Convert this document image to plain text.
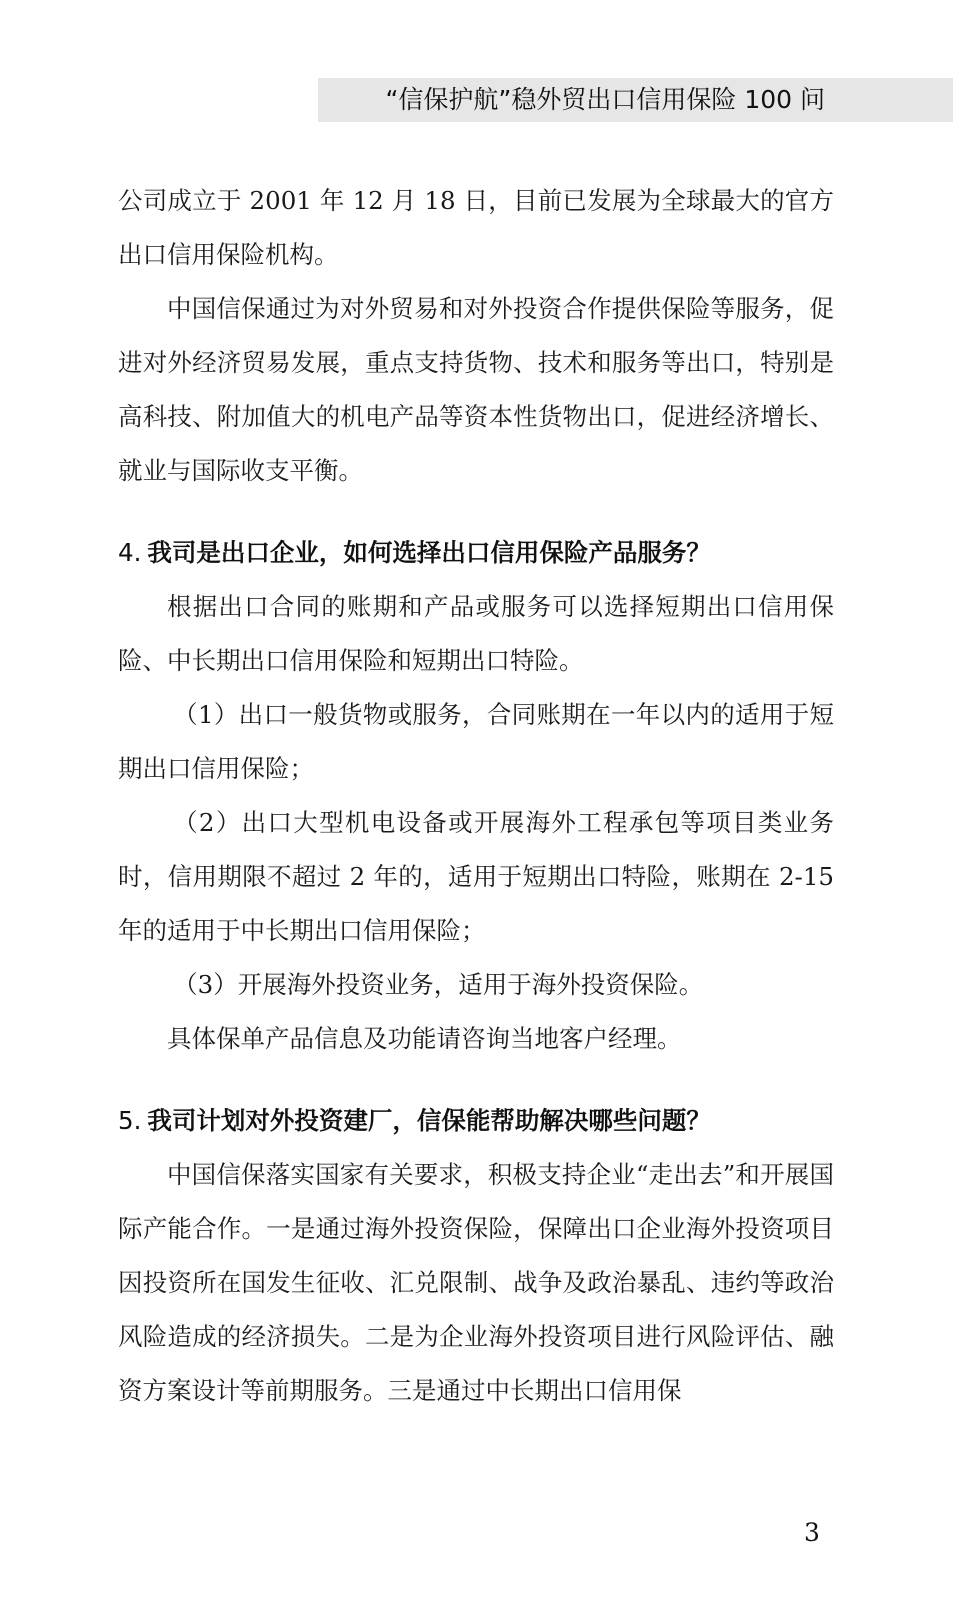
“信保护航”稳外贸出口信用保险 100 问

公司成立于 2001 年 12 月 18 日，目前已发展为全球最大的官方出口信用保险机构。

中国信保通过为对外贸易和对外投资合作提供保险等服务，促进对外经济贸易发展，重点支持货物、技术和服务等出口，特别是高科技、附加值大的机电产品等资本性货物出口，促进经济增长、就业与国际收支平衡。

4. 我司是出口企业，如何选择出口信用保险产品服务？

根据出口合同的账期和产品或服务可以选择短期出口信用保险、中长期出口信用保险和短期出口特险。

（1）出口一般货物或服务，合同账期在一年以内的适用于短期出口信用保险；

（2）出口大型机电设备或开展海外工程承包等项目类业务时，信用期限不超过 2 年的，适用于短期出口特险，账期在 2-15 年的适用于中长期出口信用保险；

（3）开展海外投资业务，适用于海外投资保险。

具体保单产品信息及功能请咨询当地客户经理。

5. 我司计划对外投资建厂，信保能帮助解决哪些问题？

中国信保落实国家有关要求，积极支持企业“走出去”和开展国际产能合作。一是通过海外投资保险，保障出口企业海外投资项目因投资所在国发生征收、汇兑限制、战争及政治暴乱、违约等政治风险造成的经济损失。二是为企业海外投资项目进行风险评估、融资方案设计等前期服务。三是通过中长期出口信用保

3
